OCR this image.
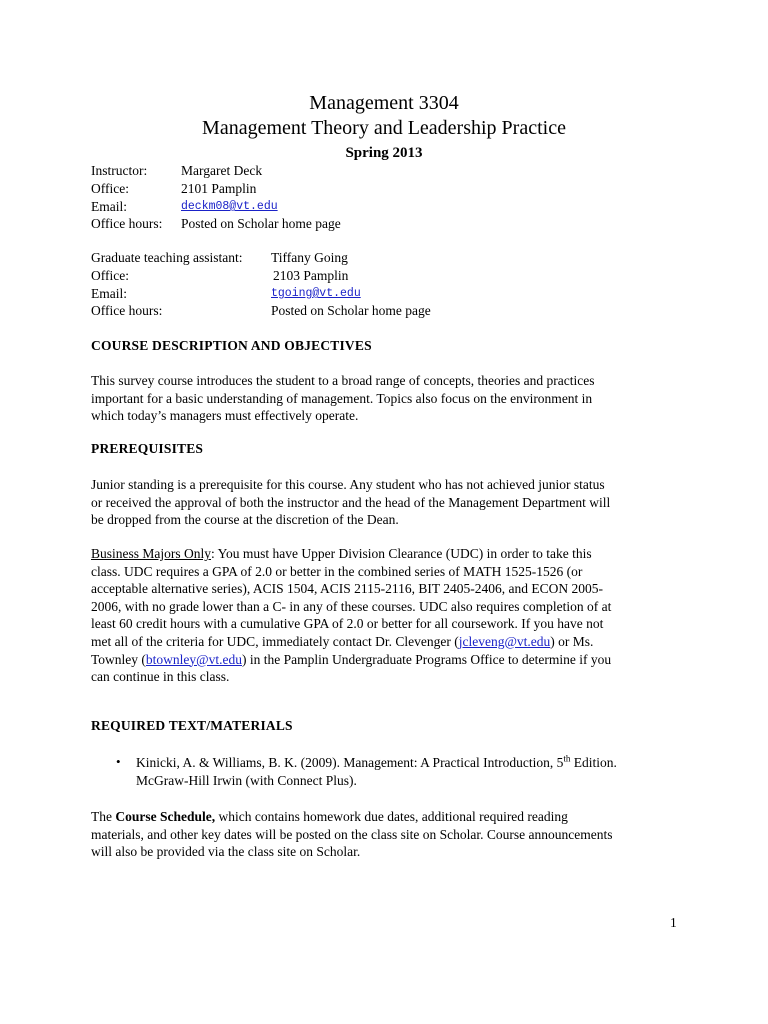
Management 3304
Management Theory and Leadership Practice
Spring 2013
Instructor:	Margaret Deck
Office:	2101 Pamplin
Email:	deckm08@vt.edu
Office hours: Posted on Scholar home page
Graduate teaching assistant: Tiffany Going
Office:	2103 Pamplin
Email:	tgoing@vt.edu
Office hours:	Posted on Scholar home page
COURSE DESCRIPTION AND OBJECTIVES
This survey course introduces the student to a broad range of concepts, theories and practices
important for a basic understanding of management. Topics also focus on the environment in
which today’s managers must effectively operate.
PREREQUISITES
Junior standing is a prerequisite for this course. Any student who has not achieved junior status
or received the approval of both the instructor and the head of the Management Department will
be dropped from the course at the discretion of the Dean.
Business Majors Only: You must have Upper Division Clearance (UDC) in order to take this
class. UDC requires a GPA of 2.0 or better in the combined series of MATH 1525-1526 (or
acceptable alternative series), ACIS 1504, ACIS 2115-2116, BIT 2405-2406, and ECON 2005-
2006, with no grade lower than a C- in any of these courses. UDC also requires completion of at
least 60 credit hours with a cumulative GPA of 2.0 or better for all coursework. If you have not
met all of the criteria for UDC, immediately contact Dr. Clevenger (jcleveng@vt.edu) or Ms.
Townley (btownley@vt.edu) in the Pamplin Undergraduate Programs Office to determine if you
can continue in this class.
REQUIRED TEXT/MATERIALS
• Kinicki, A. & Williams, B. K. (2009). Management: A Practical Introduction, 5th Edition.
McGraw-Hill Irwin (with Connect Plus).
The Course Schedule, which contains homework due dates, additional required reading
materials, and other key dates will be posted on the class site on Scholar. Course announcements
will also be provided via the class site on Scholar.
1
